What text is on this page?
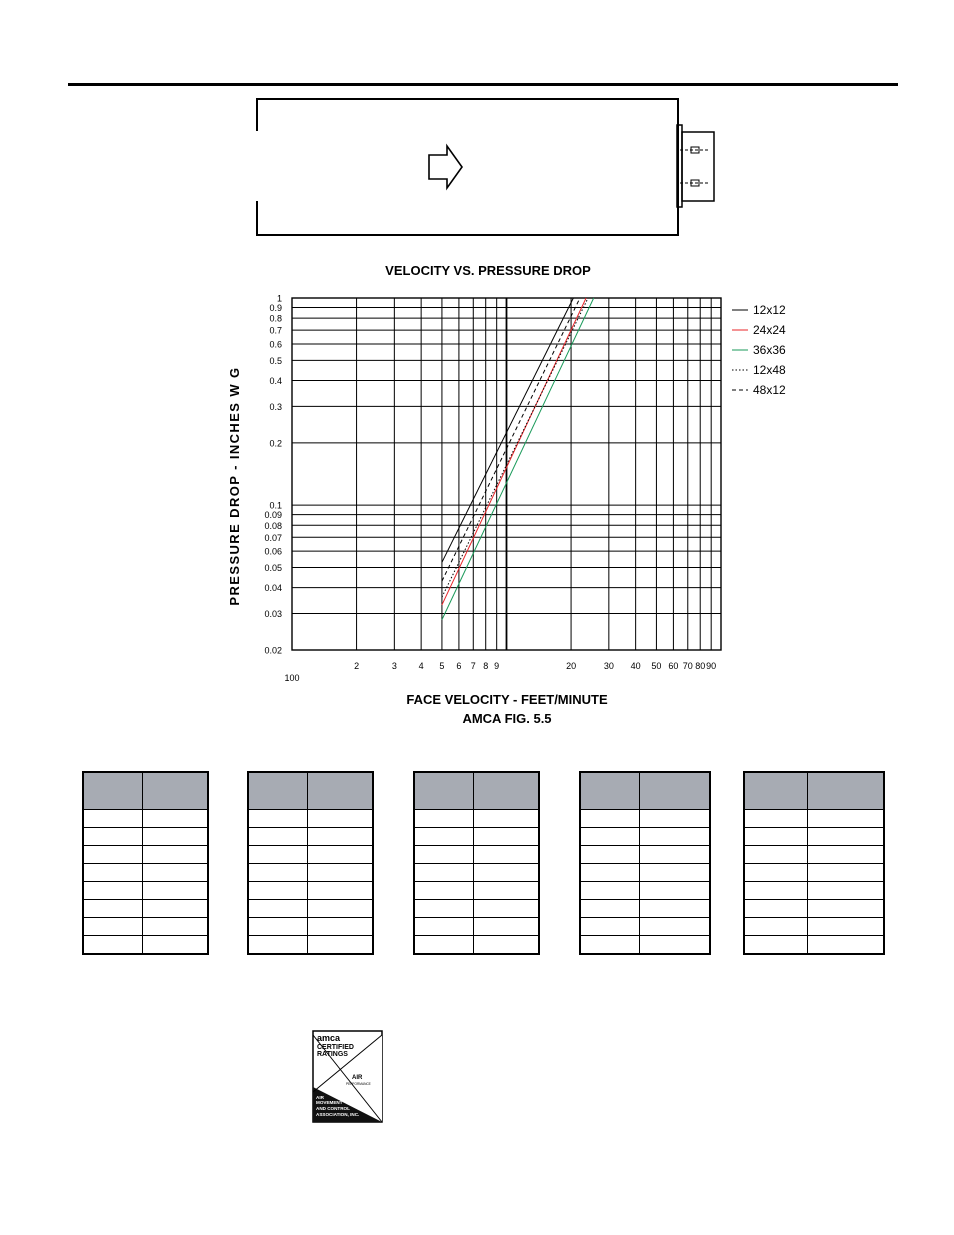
VELOCITY VS. PRESSURE DROP
PRESSURE DROP - INCHES W G
FACE VELOCITY - FEET/MINUTE
AMCA FIG. 5.5
0.02
0.03
0.04
0.05
0.06
0.07
0.08
0.09
0.1
0.2
0.3
0.4
0.5
0.6
0.7
0.8
0.9
1
100
2	3 4 5 6 7 8 9	20	30 40 50 60 70 80 90
12x12
24x24
36x36
12x48
48x12

amca
CERTIFIED
RATINGS
AIR
PERFORMANCE
AIR
MOVEMENT
AND CONTROL
ASSOCIATION, INC.
